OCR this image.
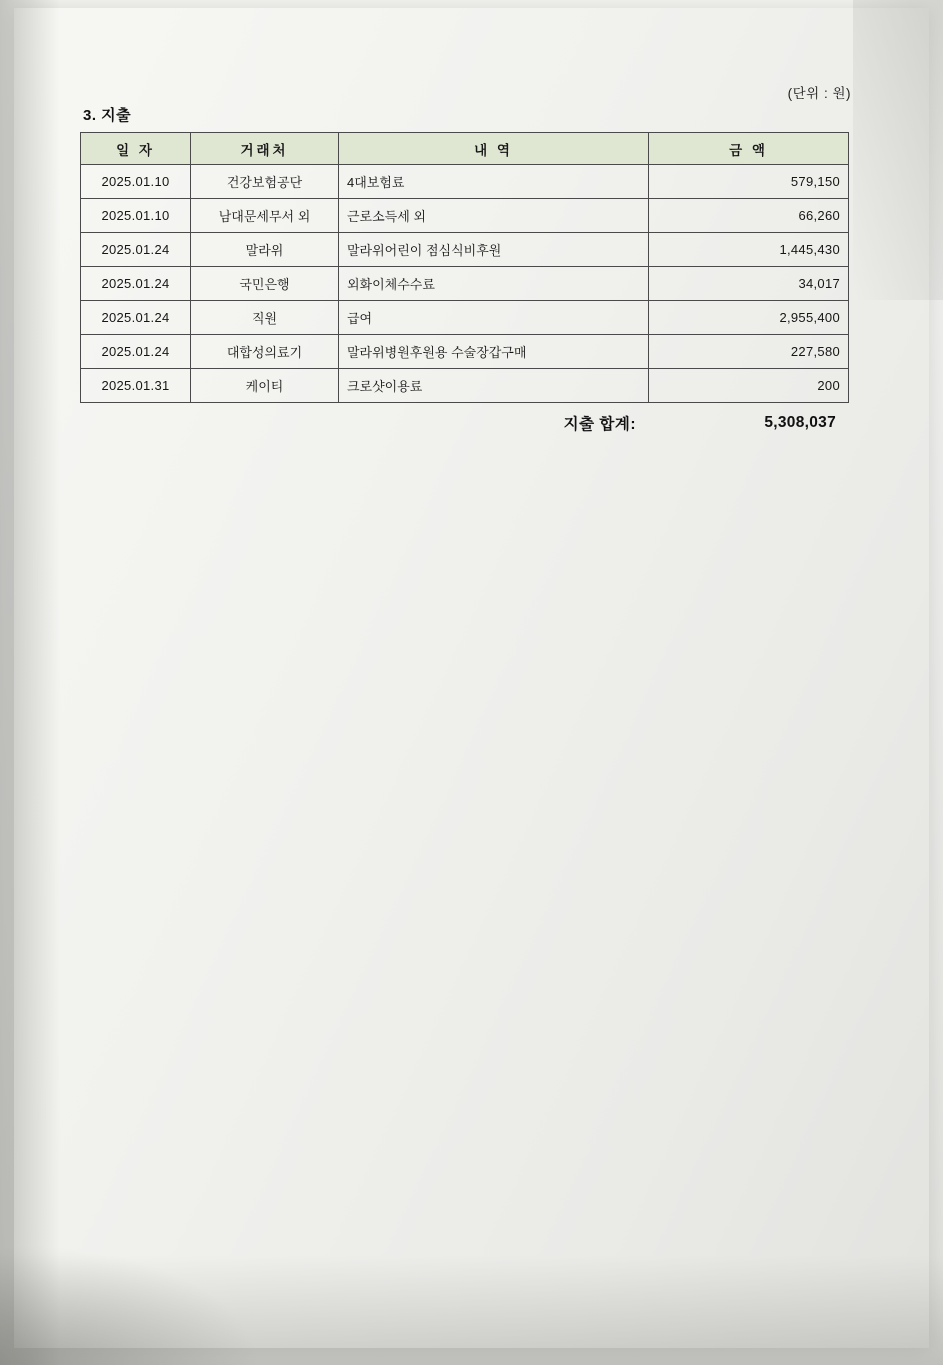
(단위 : 원)
3. 지출
일 자	거래처	내 역	금 액
2025.01.10	건강보험공단	4대보험료	579,150
2025.01.10	남대문세무서 외	근로소득세 외	66,260
2025.01.24	말라위	말라위어린이 점심식비후원	1,445,430
2025.01.24	국민은행	외화이체수수료	34,017
2025.01.24	직원	급여	2,955,400
2025.01.24	대합성의료기	말라위병원후원용 수술장갑구매	227,580
2025.01.31	케이티	크로샷이용료	200
지출 합계:	5,308,037
